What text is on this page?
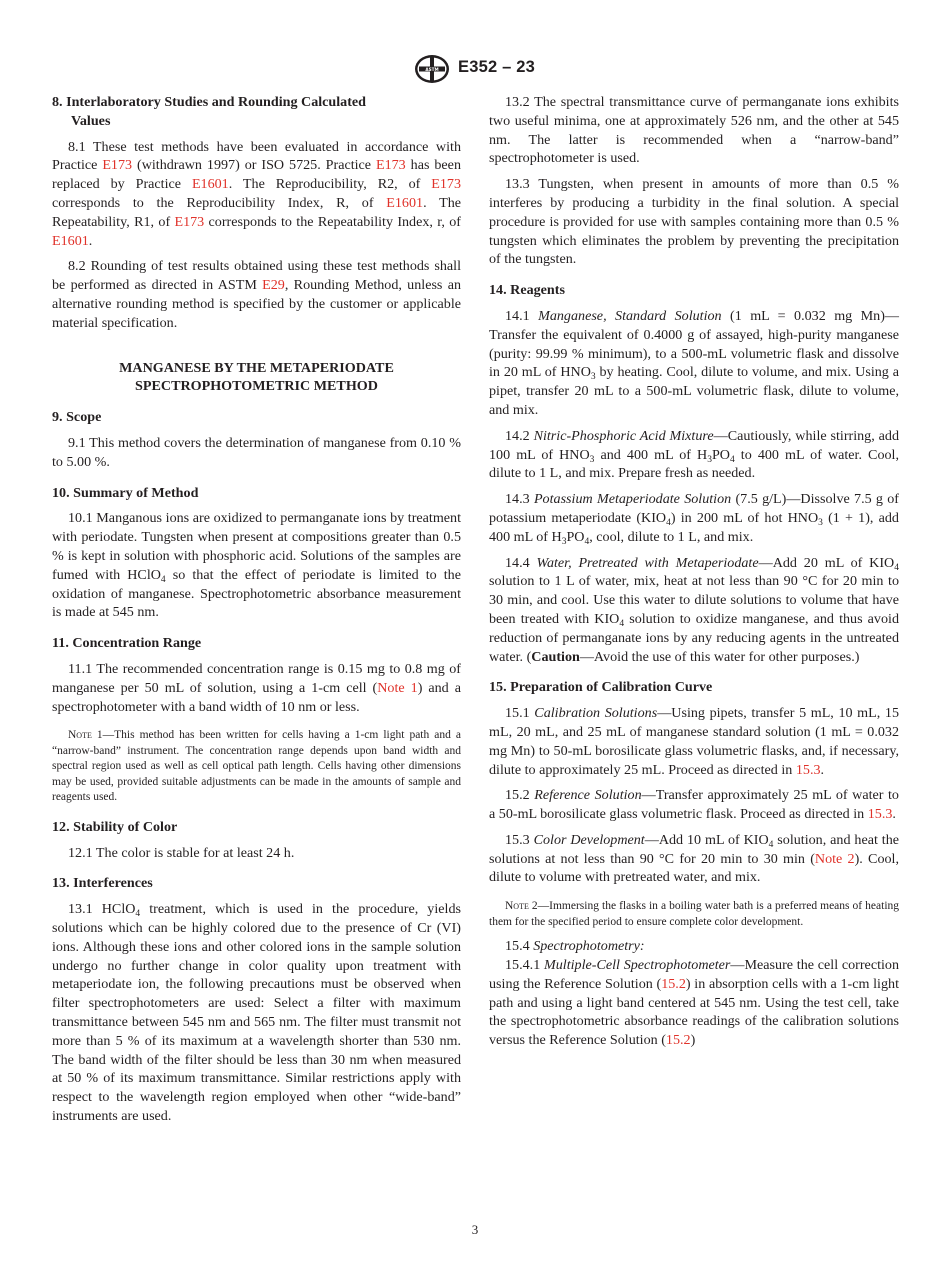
ASTM E352 – 23
8. Interlaboratory Studies and Rounding Calculated
Values

8.1 These test methods have been evaluated in accordance with Practice E173 (withdrawn 1997) or ISO 5725. Practice E173 has been replaced by Practice E1601. The Reproducibility, R2, of E173 corresponds to the Reproducibility Index, R, of E1601. The Repeatability, R1, of E173 corresponds to the Repeatability Index, r, of E1601.

8.2 Rounding of test results obtained using these test methods shall be performed as directed in ASTM E29, Rounding Method, unless an alternative rounding method is specified by the customer or applicable material specification.

MANGANESE BY THE METAPERIODATE
SPECTROPHOTOMETRIC METHOD

9. Scope

9.1 This method covers the determination of manganese from 0.10 % to 5.00 %.

10. Summary of Method

10.1 Manganous ions are oxidized to permanganate ions by treatment with periodate. Tungsten when present at compositions greater than 0.5 % is kept in solution with phosphoric acid. Solutions of the samples are fumed with HClO$_4$ so that the effect of periodate is limited to the oxidation of manganese. Spectrophotometric absorbance measurement is made at 545 nm.

11. Concentration Range

11.1 The recommended concentration range is 0.15 mg to 0.8 mg of manganese per 50 mL of solution, using a 1-cm cell (Note 1) and a spectrophotometer with a band width of 10 nm or less.

Note 1—This method has been written for cells having a 1-cm light path and a “narrow-band” instrument. The concentration range depends upon band width and spectral region used as well as cell optical path length. Cells having other dimensions may be used, provided suitable adjustments can be made in the amounts of sample and reagents used.

12. Stability of Color

12.1 The color is stable for at least 24 h.

13. Interferences

13.1 HClO$_4$ treatment, which is used in the procedure, yields solutions which can be highly colored due to the presence of Cr (VI) ions. Although these ions and other colored ions in the sample solution undergo no further change in color quality upon treatment with metaperiodate ion, the following precautions must be observed when filter spectrophotometers are used: Select a filter with maximum transmittance between 545 nm and 565 nm. The filter must transmit not more than 5 % of its maximum at a wavelength shorter than 530 nm. The band width of the filter should be less than 30 nm when measured at 50 % of its maximum transmittance. Similar restrictions apply with respect to the wavelength region employed when other “wide-band” instruments are used.

13.2 The spectral transmittance curve of permanganate ions exhibits two useful minima, one at approximately 526 nm, and the other at 545 nm. The latter is recommended when a “narrow-band” spectrophotometer is used.

13.3 Tungsten, when present in amounts of more than 0.5 % interferes by producing a turbidity in the final solution. A special procedure is provided for use with samples containing more than 0.5 % tungsten which eliminates the problem by preventing the precipitation of the tungsten.

14. Reagents

14.1 Manganese, Standard Solution (1 mL = 0.032 mg Mn)—Transfer the equivalent of 0.4000 g of assayed, high-purity manganese (purity: 99.99 % minimum), to a 500-mL volumetric flask and dissolve in 20 mL of $HNO_3$ by heating. Cool, dilute to volume, and mix. Using a pipet, transfer 20 mL to a 500-mL volumetric flask, dilute to volume, and mix.

14.2 Nitric-Phosphoric Acid Mixture—Cautiously, while stirring, add 100 mL of $HNO_3$ and 400 mL of $H_3PO_4$ to 400 mL of water. Cool, dilute to 1 L, and mix. Prepare fresh as needed.

14.3 Potassium Metaperiodate Solution (7.5 g/L)—Dissolve 7.5 g of potassium metaperiodate $(KIO_4)$ in 200 mL of hot $HNO_3$ (1 + 1), add 400 mL of $H_3PO_4$, cool, dilute to 1 L, and mix.

14.4 Water, Pretreated with Metaperiodate—Add 20 mL of $KIO_4$ solution to 1 L of water, mix, heat at not less than 90 °C for 20 min to 30 min, and cool. Use this water to dilute solutions to volume that have been treated with $KIO_4$ solution to oxidize manganese, and thus avoid reduction of permanganate ions by any reducing agents in the untreated water. (Caution—Avoid the use of this water for other purposes.)

15. Preparation of Calibration Curve

15.1 Calibration Solutions—Using pipets, transfer 5 mL, 10 mL, 15 mL, 20 mL, and 25 mL of manganese standard solution (1 mL = 0.032 mg Mn) to 50-mL borosilicate glass volumetric flasks, and, if necessary, dilute to approximately 25 mL. Proceed as directed in 15.3.

15.2 Reference Solution—Transfer approximately 25 mL of water to a 50-mL borosilicate glass volumetric flask. Proceed as directed in 15.3.

15.3 Color Development—Add 10 mL of $KIO_4$ solution, and heat the solutions at not less than 90 °C for 20 min to 30 min (Note 2). Cool, dilute to volume with pretreated water, and mix.

Note 2—Immersing the flasks in a boiling water bath is a preferred means of heating them for the specified period to ensure complete color development.

15.4 Spectrophotometry:

15.4.1 Multiple-Cell Spectrophotometer—Measure the cell correction using the Reference Solution (15.2) in absorption cells with a 1-cm light path and using a light band centered at 545 nm. Using the test cell, take the spectrophotometric absorbance readings of the calibration solutions versus the Reference Solution (15.2)

3
